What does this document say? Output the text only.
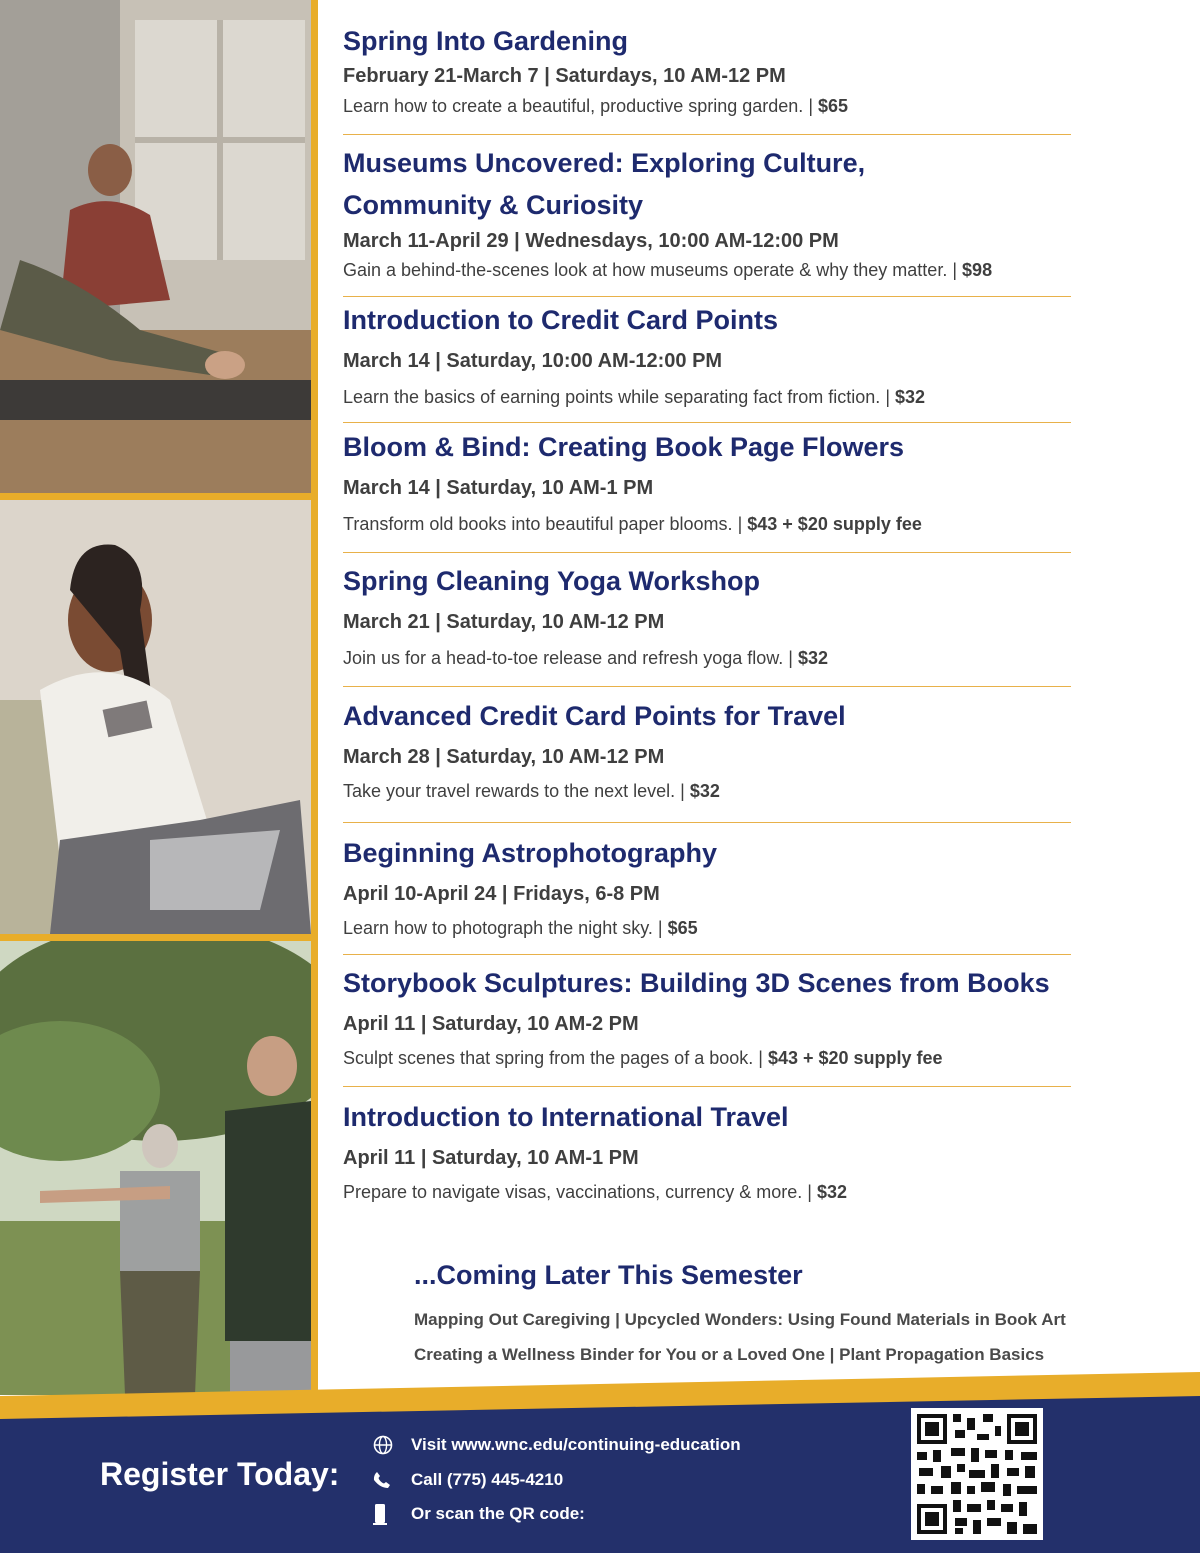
Spring Into Gardening

February 21-March 7 | Saturdays, 10 AM-12 PM

Learn how to create a beautiful, productive spring garden. | $65

Museums Uncovered: Exploring Culture, Community & Curiosity

March 11-April 29 | Wednesdays, 10:00 AM-12:00 PM

Gain a behind-the-scenes look at how museums operate & why they matter. | $98

Introduction to Credit Card Points

March 14 | Saturday, 10:00 AM-12:00 PM

Learn the basics of earning points while separating fact from fiction. | $32

Bloom & Bind: Creating Book Page Flowers

March 14 | Saturday, 10 AM-1 PM

Transform old books into beautiful paper blooms. | $43 + $20 supply fee

Spring Cleaning Yoga Workshop

March 21 | Saturday, 10 AM-12 PM

Join us for a head-to-toe release and refresh yoga flow. | $32

Advanced Credit Card Points for Travel

March 28 | Saturday, 10 AM-12 PM

Take your travel rewards to the next level. | $32

Beginning Astrophotography

April 10-April 24 | Fridays, 6-8 PM

Learn how to photograph the night sky. | $65

Storybook Sculptures: Building 3D Scenes from Books

April 11 | Saturday, 10 AM-2 PM

Sculpt scenes that spring from the pages of a book. | $43 + $20 supply fee

Introduction to International Travel

April 11 | Saturday, 10 AM-1 PM

Prepare to navigate visas, vaccinations, currency & more. | $32

...Coming Later This Semester

Mapping Out Caregiving | Upcycled Wonders: Using Found Materials in Book Art

Creating a Wellness Binder for You or a Loved One | Plant Propagation Basics

Register Today:

Visit www.wnc.edu/continuing-education
Call (775) 445-4210
Or scan the QR code:
